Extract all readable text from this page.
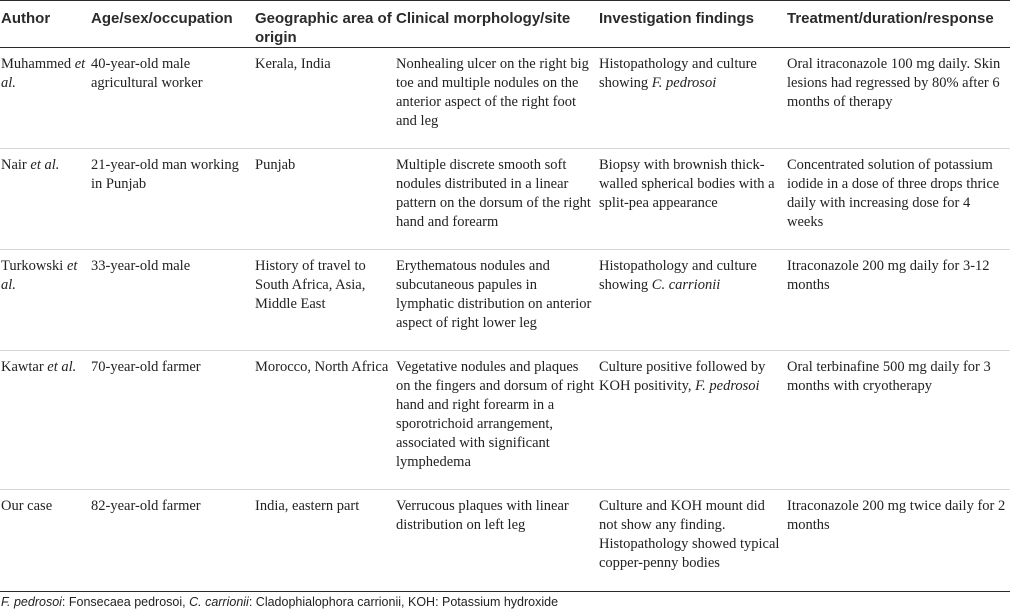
Author	Age/sex/occupation	Geographic area of origin	Clinical morphology/site	Investigation findings	Treatment/duration/response
Muhammed et al.	40-year-old male agricultural worker	Kerala, India	Nonhealing ulcer on the right big toe and multiple nodules on the anterior aspect of the right foot and leg	Histopathology and culture showing F. pedrosoi	Oral itraconazole 100 mg daily. Skin lesions had regressed by 80% after 6 months of therapy

Nair et al.	21-year-old man working in Punjab	Punjab	Multiple discrete smooth soft nodules distributed in a linear pattern on the dorsum of the right hand and forearm	Biopsy with brownish thick-walled spherical bodies with a split-pea appearance	Concentrated solution of potassium iodide in a dose of three drops thrice daily with increasing dose for 4 weeks

Turkowski et al.	33-year-old male	History of travel to South Africa, Asia, Middle East	Erythematous nodules and subcutaneous papules in lymphatic distribution on anterior aspect of right lower leg	Histopathology and culture showing C. carrionii	Itraconazole 200 mg daily for 3-12 months

Kawtar et al.	70-year-old farmer	Morocco, North Africa	Vegetative nodules and plaques on the fingers and dorsum of right hand and right forearm in a sporotrichoid arrangement, associated with significant lymphedema	Culture positive followed by KOH positivity, F. pedrosoi	Oral terbinafine 500 mg daily for 3 months with cryotherapy

Our case	82-year-old farmer	India, eastern part	Verrucous plaques with linear distribution on left leg	Culture and KOH mount did not show any finding. Histopathology showed typical copper-penny bodies	Itraconazole 200 mg twice daily for 2 months
F. pedrosoi: Fonsecaea pedrosoi, C. carrionii: Cladophialophora carrionii, KOH: Potassium hydroxide
